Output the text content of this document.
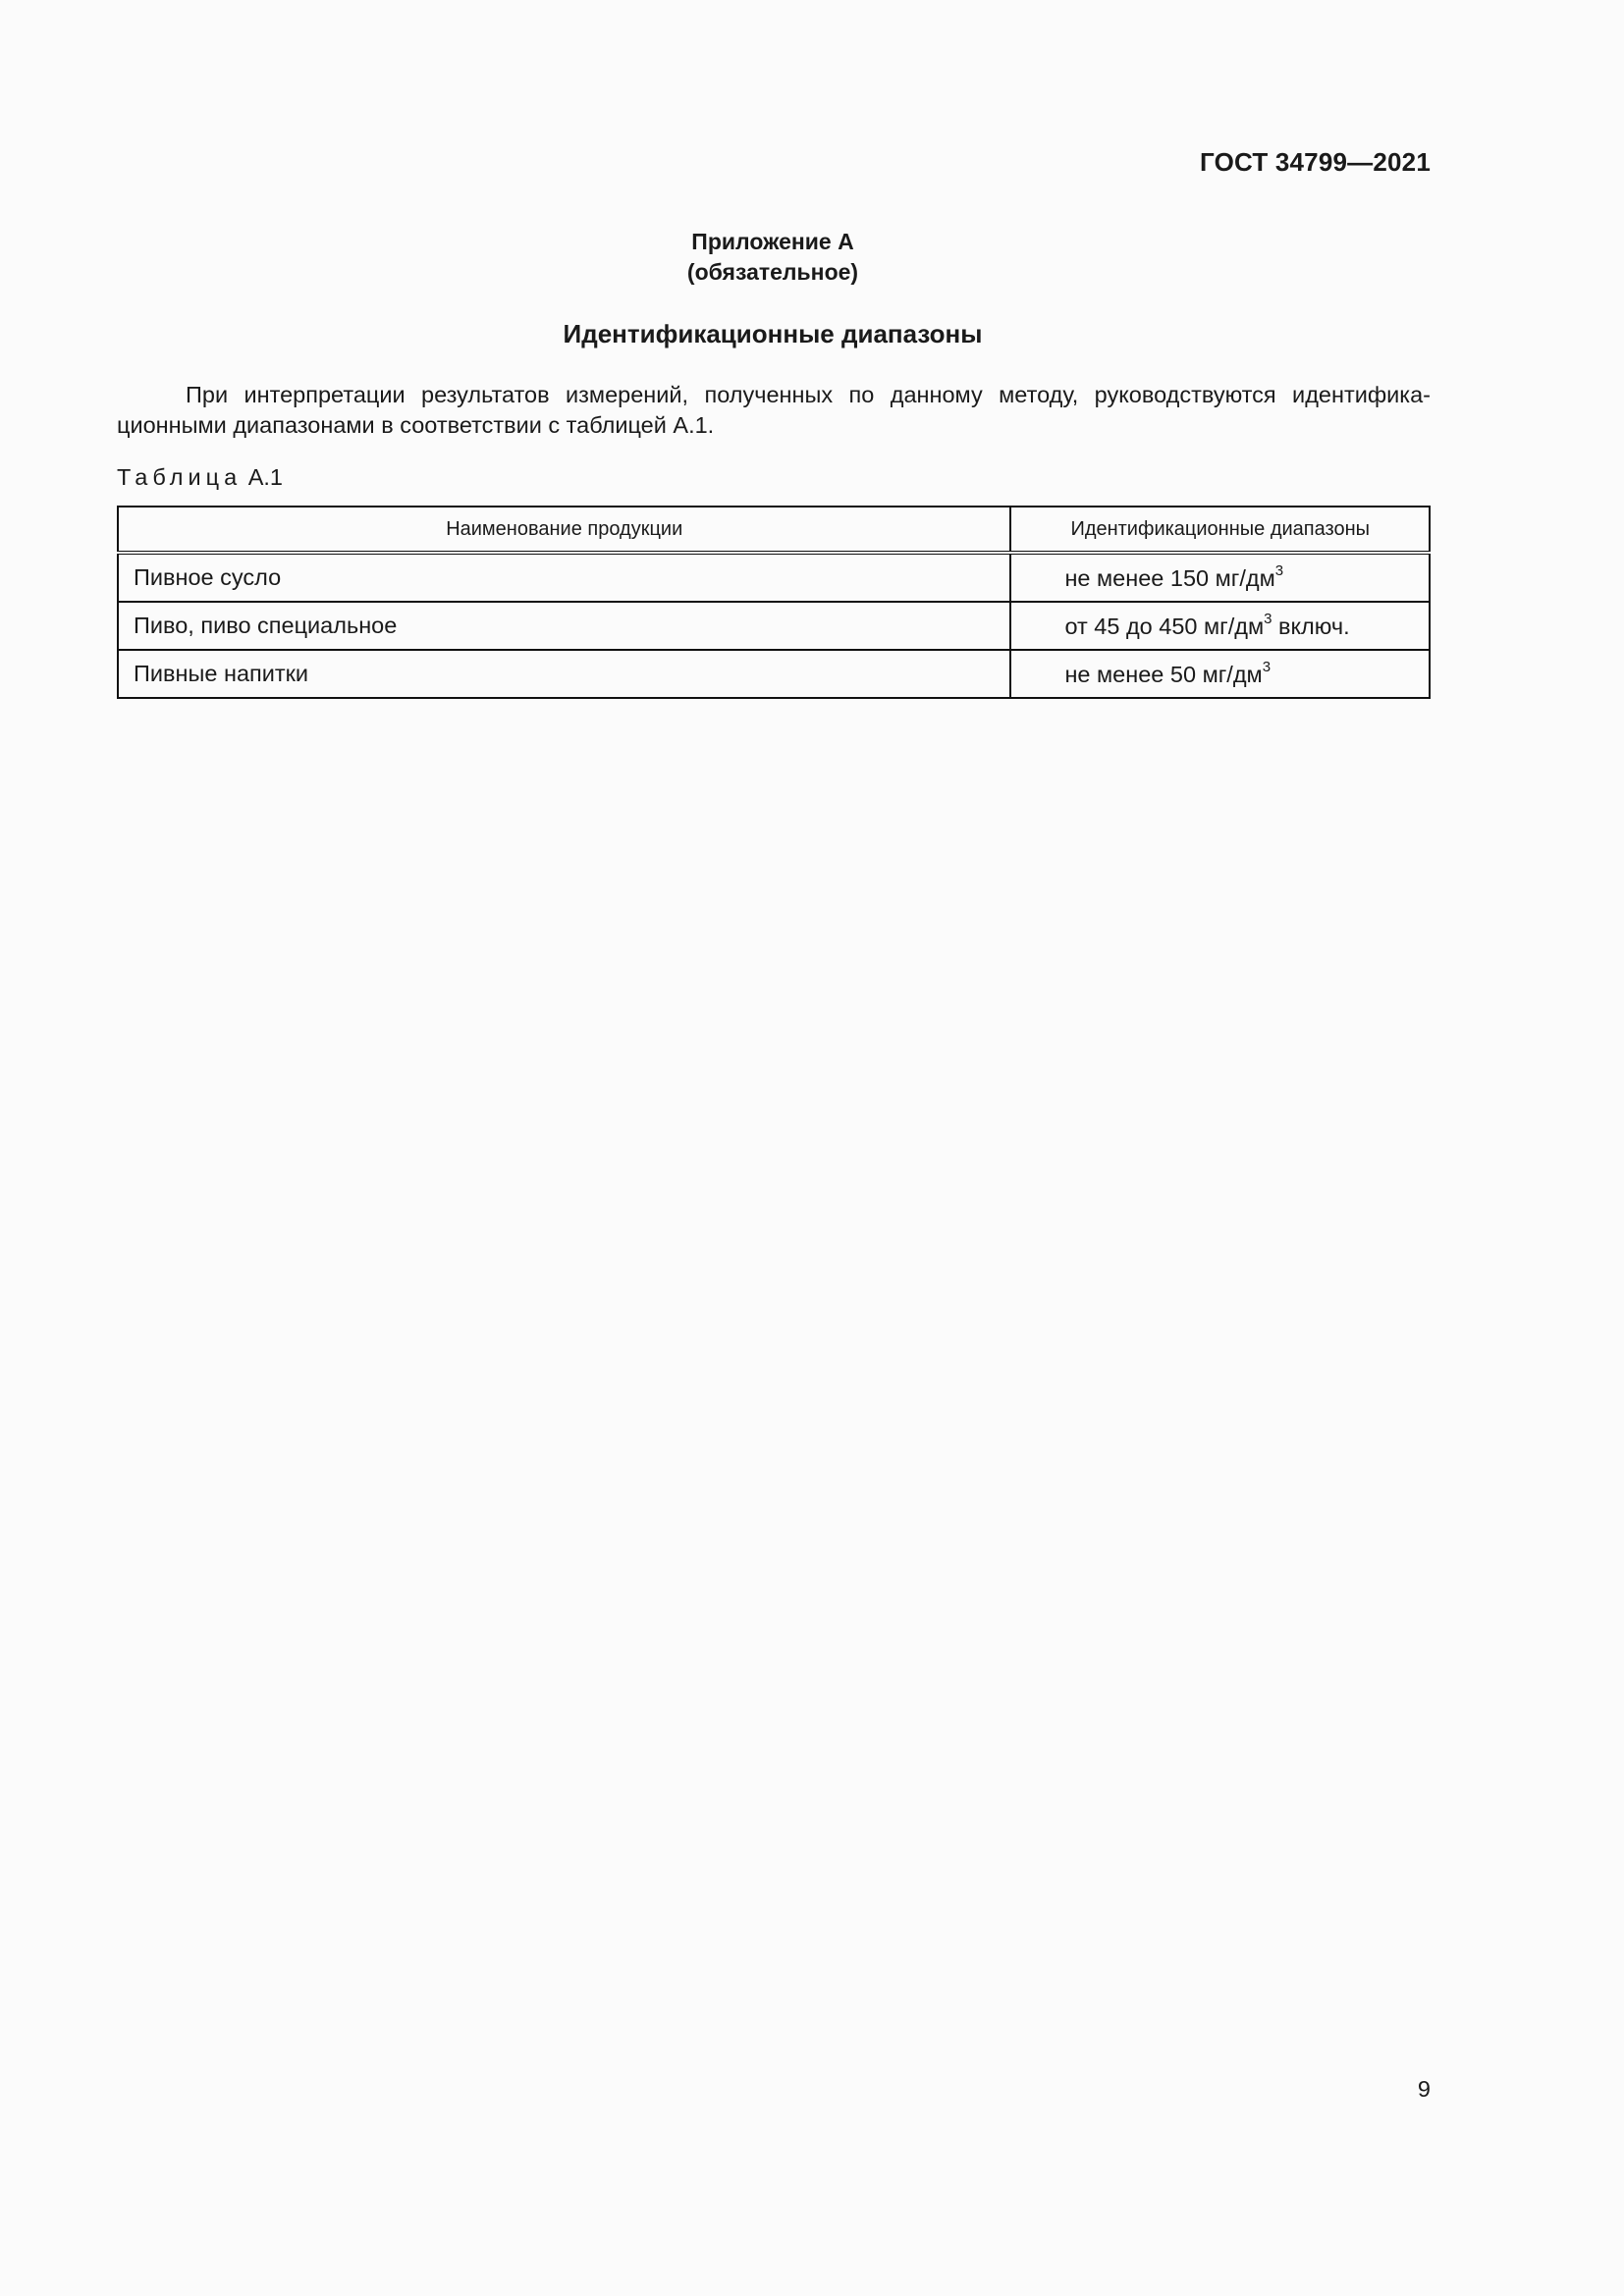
ГОСТ 34799—2021
Приложение А
(обязательное)
Идентификационные диапазоны
При интерпретации результатов измерений, полученных по данному методу, руководствуются идентифика-
ционными диапазонами в соответствии с таблицей А.1.
Таблица А.1
Наименование продукции	Идентификационные диапазоны
Пивное сусло	не менее 150 $мг/дм^3$
Пиво, пиво специальное	от 45 до 450 $мг/дм^3$ включ.
Пивные напитки	не менее 50 $мг/дм^3$
9
